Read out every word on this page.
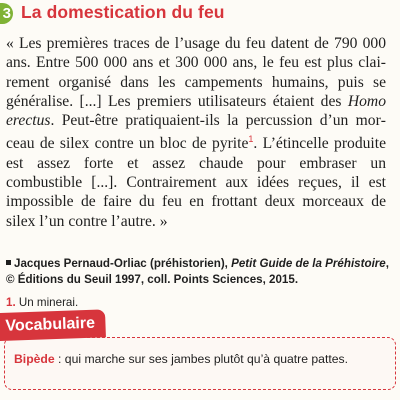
3 La domestication du feu
« Les premières traces de l’usage du feu datent de 790 000 ans. Entre 500 000 ans et 300 000 ans, le feu est plus clairement organisé dans les campements humains, puis se généralise. [...] Les premiers utilisateurs étaient des Homo erectus. Peut-être pratiquaient-ils la percussion d’un morceau de silex contre un bloc de pyrite$^1$. L’étincelle produite est assez forte et assez chaude pour embraser un combustible [...]. Contrairement aux idées reçues, il est impossible de faire du feu en frottant deux morceaux de silex l’un contre l’autre. »
Jacques Pernaud-Orliac (préhistorien), Petit Guide de la Préhistoire, © Éditions du Seuil 1997, coll. Points Sciences, 2015.
1. Un minerai.
Vocabulaire
Bipède : qui marche sur ses jambes plutôt qu’à quatre pattes.
